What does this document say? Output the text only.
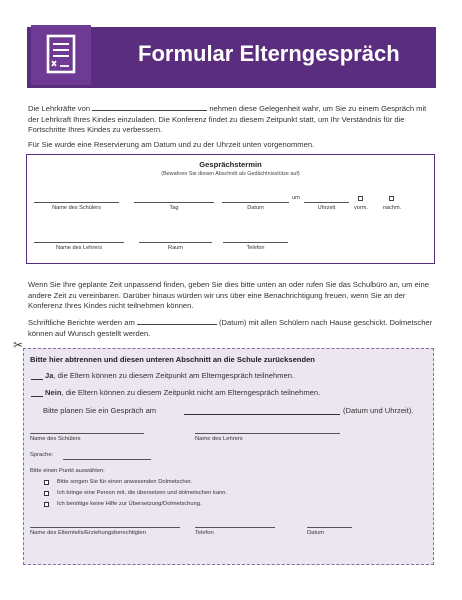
Formular Elterngespräch
Die Lehrkräfte von	nehmen diese Gelegenheit wahr, um Sie zu einem Gespräch mit der Lehrkraft Ihres Kindes einzuladen. Die Konferenz findet zu diesem Zeitpunkt statt, um Ihr Verständnis für die Fortschritte Ihres Kindes zu verbessern.
Für Sie wurde eine Reservierung am Datum und zu der Uhrzeit unten vorgenommen.
Gesprächstermin
(Bewahren Sie diesen Abschnitt als Gedächtnisstütze auf)
um
Name des Schülers	Tag	Datum	Uhrzeit	vorm.	nachm.
Name des Lehrers	Raum	Telefon
Wenn Sie Ihre geplante Zeit unpassend finden, geben Sie dies bitte unten an oder rufen Sie das Schulbüro an, um eine andere Zeit zu vereinbaren. Darüber hinaus würden wir uns über eine Benachrichtigung freuen, wenn Sie an der Konferenz Ihres Kindes nicht teilnehmen können.
Schriftliche Berichte werden am	(Datum) mit allen Schülern nach Hause geschickt. Dolmetscher können auf Wunsch gestellt werden.
Bitte hier abtrennen und diesen unteren Abschnitt an die Schule zurücksenden
Ja, die Eltern können zu diesem Zeitpunkt am Elterngespräch teilnehmen.
Nein, die Eltern können zu diesem Zeitpunkt nicht am Elterngespräch teilnehmen.
Bitte planen Sie ein Gespräch am	(Datum und Uhrzeit).
Name des Schülers	Name des Lehrers
Sprache:
Bitte einen Punkt auswählen:
Bitte sorgen Sie für einen anwesenden Dolmetscher.
Ich bringe eine Person mit, die übersetzen und dolmetschen kann.
Ich benötige keine Hilfe zur Übersetzung/Dolmetschung.
Name des Elternteils/Erziehungsberechtigten	Telefon	Datum
✂
